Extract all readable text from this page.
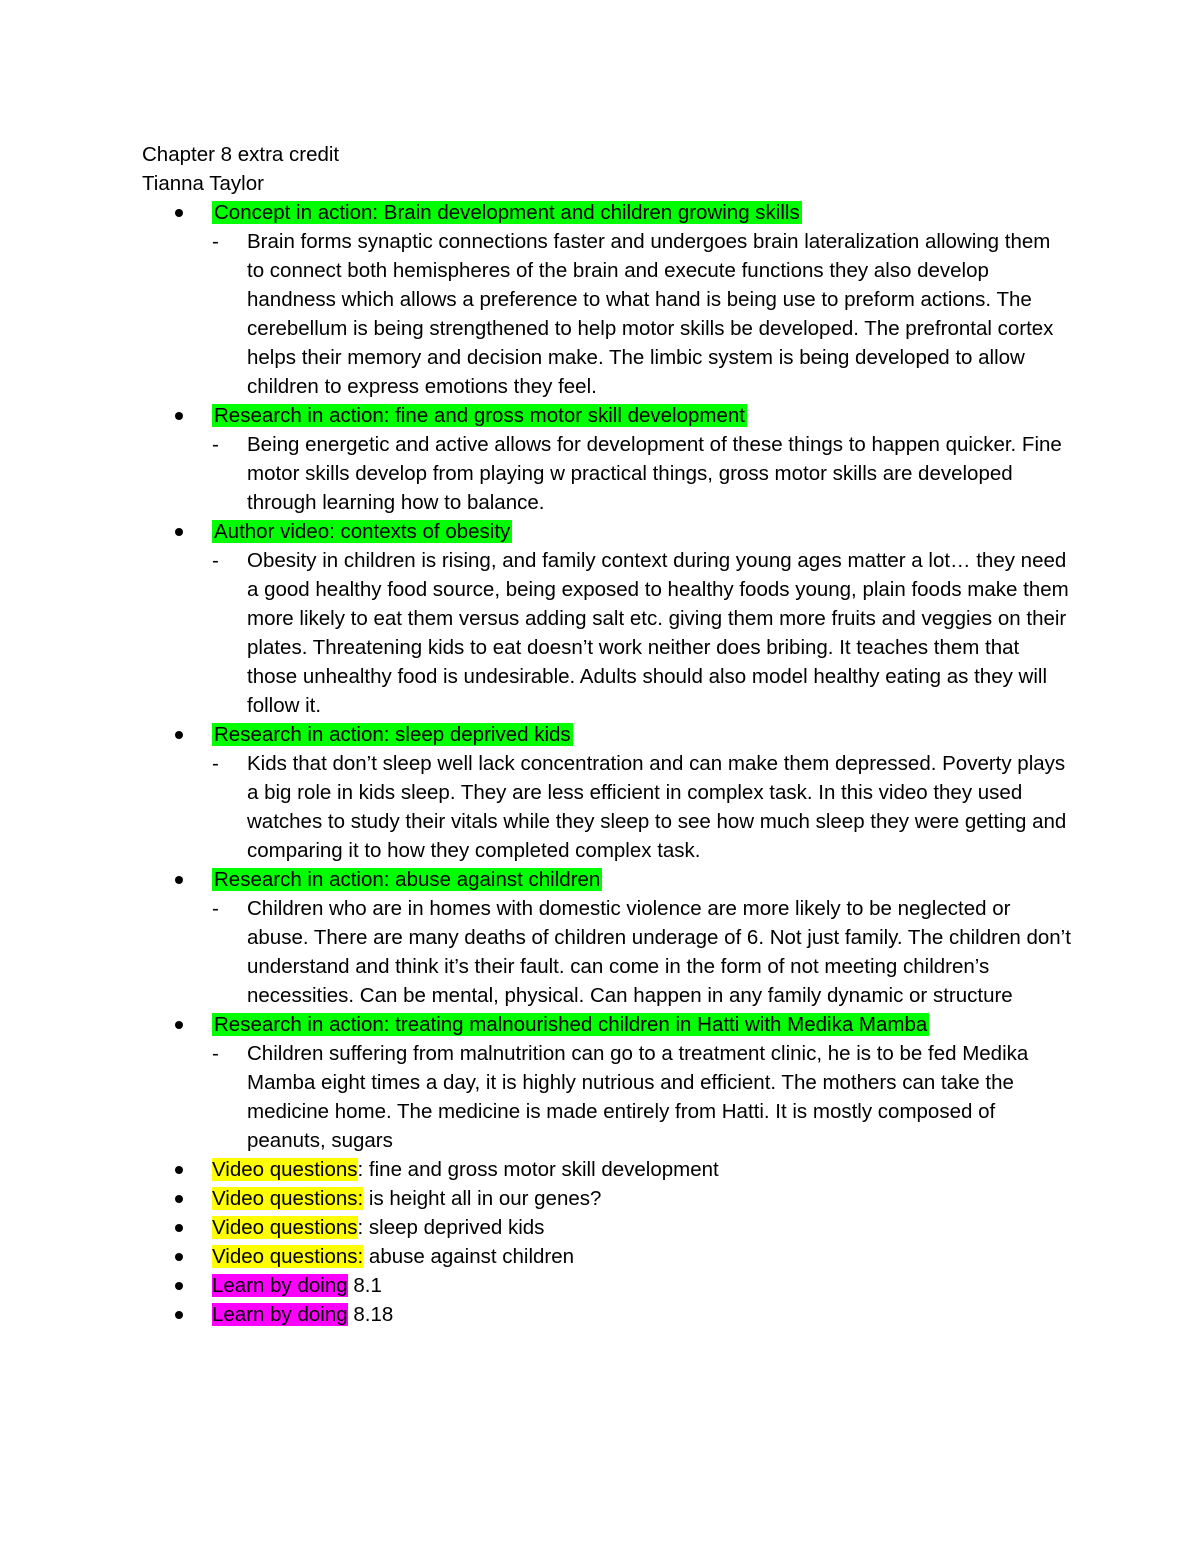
Chapter 8 extra credit

Tianna Taylor

Concept in action: Brain development and children growing skills
- Brain forms synaptic connections faster and undergoes brain lateralization allowing them to connect both hemispheres of the brain and execute functions they also develop handness which allows a preference to what hand is being use to preform actions. The cerebellum is being strengthened to help motor skills be developed. The prefrontal cortex helps their memory and decision make. The limbic system is being developed to allow children to express emotions they feel.
Research in action: fine and gross motor skill development
- Being energetic and active allows for development of these things to happen quicker. Fine motor skills develop from playing w practical things, gross motor skills are developed through learning how to balance.
Author video: contexts of obesity
- Obesity in children is rising, and family context during young ages matter a lot… they need a good healthy food source, being exposed to healthy foods young, plain foods make them more likely to eat them versus adding salt etc. giving them more fruits and veggies on their plates. Threatening kids to eat doesn’t work neither does bribing. It teaches them that those unhealthy food is undesirable. Adults should also model healthy eating as they will follow it.
Research in action: sleep deprived kids
- Kids that don’t sleep well lack concentration and can make them depressed. Poverty plays a big role in kids sleep. They are less efficient in complex task. In this video they used watches to study their vitals while they sleep to see how much sleep they were getting and comparing it to how they completed complex task.
Research in action: abuse against children
- Children who are in homes with domestic violence are more likely to be neglected or abuse. There are many deaths of children underage of 6. Not just family. The children don’t understand and think it’s their fault. can come in the form of not meeting children’s necessities. Can be mental, physical. Can happen in any family dynamic or structure
Research in action: treating malnourished children in Hatti with Medika Mamba
- Children suffering from malnutrition can go to a treatment clinic, he is to be fed Medika Mamba eight times a day, it is highly nutrious and efficient. The mothers can take the medicine home. The medicine is made entirely from Hatti. It is mostly composed of peanuts, sugars
Video questions: fine and gross motor skill development
Video questions: is height all in our genes?
Video questions: sleep deprived kids
Video questions: abuse against children
Learn by doing 8.1
Learn by doing 8.18
